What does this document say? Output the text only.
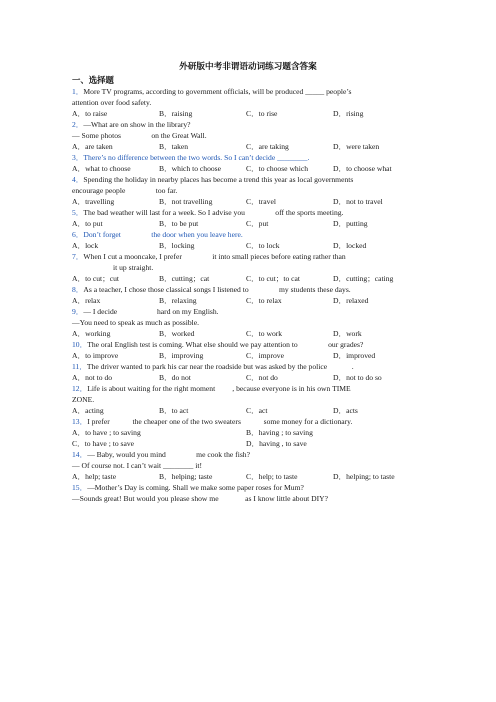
外研版中考非谓语动词练习题含答案
一、选择题
1．More TV programs, according to government officials, will be produced _____ people’s
attention over food safety.
A．to raise	B．raising	C．to rise	D．rising
2．—What are on show in the library?
— Some photos                on the Great Wall.
A．are taken	B．taken	C．are taking	D．were taken
3．There’s no difference between the two words. So I can’t decide ________.
A．what to choose	B．which to choose	C．to choose which	D．to choose what
4．Spending the holiday in nearby places has become a trend this year as local governments
encourage people                too far.
A．travelling	B．not travelling	C．travel	D．not to travel
5．The bad weather will last for a week. So I advise you                off the sports meeting.
A．to put	B．to be put	C．put	D．putting
6．Don’t forget                the door when you leave here.
A．lock	B．locking	C．to lock	D．locked
7．When I cut a mooncake, I prefer                it into small pieces before eating rather than
it up straight.
A．to cut；cut	B．cutting；cat	C．to cut；to cat	D．cutting；cating
8．As a teacher, I chose those classical songs I listened to                my students these days.
A．relax	B．relaxing	C．to relax	D．relaxed
9．— I decide                     hard on my English.
—You need to speak as much as possible.
A．working	B．worked	C．to work	D．work
10．The oral English test is coming. What else should we pay attention to                our grades?
A．to improve	B．improving	C．improve	D．improved
11．The driver wanted to park his car near the roadside but was asked by the police             .
A．not to do	B．do not	C．not do	D．not to do so
12．Life is about waiting for the right moment         , because everyone is in his own TIME
ZONE.
A．acting	B．to act	C．act	D．acts
13．I prefer            the cheaper one of the two sweaters            some money for a dictionary.
A．to have ; to saving	B．having ; to saving
C．to have ; to save	D．having , to save
14．— Baby, would you mind                me cook the fish?
— Of course not. I can’t wait ________ it!
A．help; taste	B．helping; taste	C．help; to taste	D．helping; to taste
15．—Mother’s Day is coming. Shall we make some paper roses for Mum?
—Sounds great! But would you please show me              as I know little about DIY?
